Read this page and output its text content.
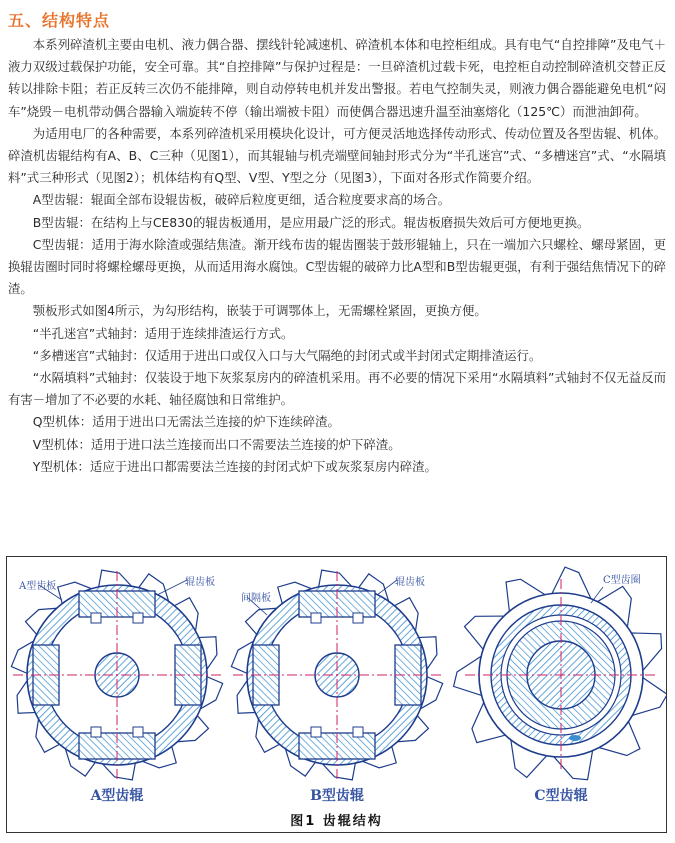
五、结构特点

本系列碎渣机主要由电机、液力偶合器、摆线针轮减速机、碎渣机本体和电控柜组成。具有电气“自控排障”及电气＋液力双级过载保护功能，安全可靠。其“自控排障”与保护过程是：一旦碎渣机过载卡死，电控柜自动控制碎渣机交替正反转以排除卡阻；若正反转三次仍不能排障，则自动停转电机并发出警报。若电气控制失灵，则液力偶合器能避免电机“闷车”烧毁－电机带动偶合器输入端旋转不停（输出端被卡阻）而使偶合器迅速升温至油塞熔化（125℃）而泄油卸荷。

为适用电厂的各种需要，本系列碎渣机采用模块化设计，可方便灵活地选择传动形式、传动位置及各型齿辊、机体。碎渣机齿辊结构有A、B、C三种（见图1），而其辊轴与机壳端壁间轴封形式分为“半孔迷宫”式、“多槽迷宫”式、“水隔填料”式三种形式（见图2）；机体结构有Q型、V型、Y型之分（见图3），下面对各形式作简要介绍。

A型齿辊：辊面全部布设辊齿板，破碎后粒度更细，适合粒度要求高的场合。

B型齿辊：在结构上与CE830的辊齿板通用，是应用最广泛的形式。辊齿板磨损失效后可方便地更换。

C型齿辊：适用于海水除渣或强结焦渣。渐开线布齿的辊齿圈装于鼓形辊轴上，只在一端加六只螺栓、螺母紧固，更换辊齿圈时同时将螺栓螺母更换，从而适用海水腐蚀。C型齿辊的破碎力比A型和B型齿辊更强，有利于强结焦情况下的碎渣。

颚板形式如图4所示，为勾形结构，嵌装于可调鄂体上，无需螺栓紧固，更换方便。

“半孔迷宫”式轴封：适用于连续排渣运行方式。

“多槽迷宫”式轴封：仅适用于进出口或仅入口与大气隔绝的封闭式或半封闭式定期排渣运行。

“水隔填料”式轴封：仅装设于地下灰浆泵房内的碎渣机采用。再不必要的情况下采用“水隔填料”式轴封不仅无益反而有害－增加了不必要的水耗、轴径腐蚀和日常维护。

Q型机体：适用于进出口无需法兰连接的炉下连续碎渣。

V型机体：适用于进口法兰连接而出口不需要法兰连接的炉下碎渣。

Y型机体：适应于进出口都需要法兰连接的封闭式炉下或灰浆泵房内碎渣。

A型齿板	辊齿板
间隔板
辊齿板	C型齿圈
A型齿辊	B型齿辊	C型齿辊
图1 齿辊结构
